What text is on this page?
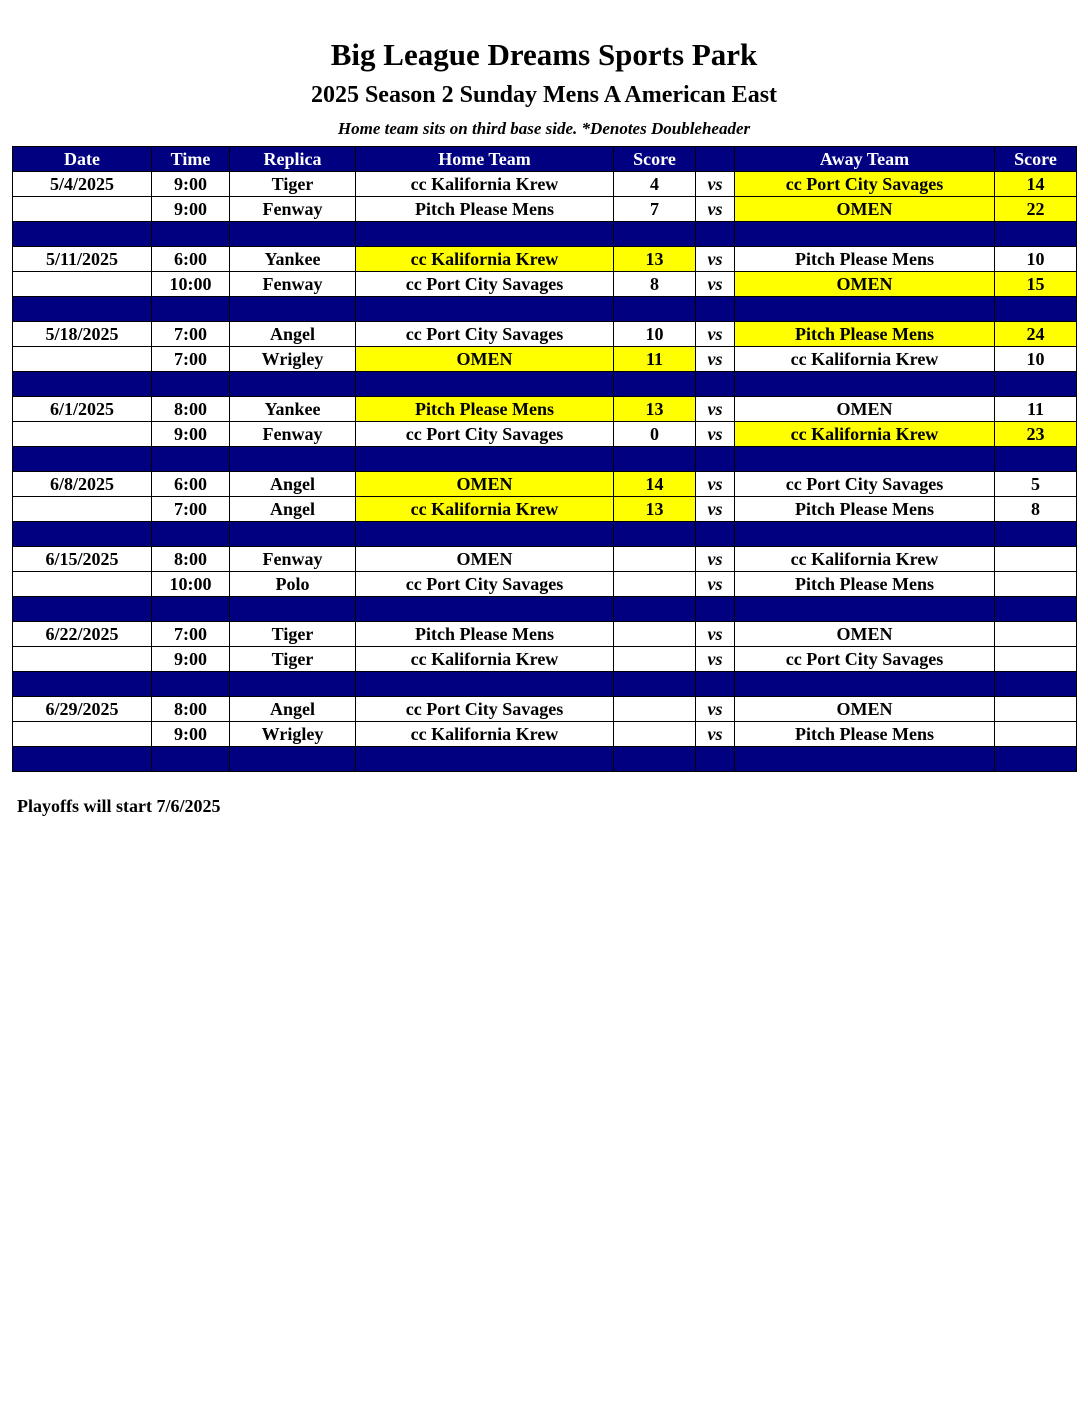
Big League Dreams Sports Park
2025 Season 2 Sunday Mens A American East
Home team sits on third base side. *Denotes Doubleheader
Date	Time	Replica	Home Team	Score		Away Team	Score
5/4/2025	9:00	Tiger	cc Kalifornia Krew	4	vs	cc Port City Savages	14
	9:00	Fenway	Pitch Please Mens	7	vs	OMEN	22

5/11/2025	6:00	Yankee	cc Kalifornia Krew	13	vs	Pitch Please Mens	10
	10:00	Fenway	cc Port City Savages	8	vs	OMEN	15

5/18/2025	7:00	Angel	cc Port City Savages	10	vs	Pitch Please Mens	24
	7:00	Wrigley	OMEN	11	vs	cc Kalifornia Krew	10

6/1/2025	8:00	Yankee	Pitch Please Mens	13	vs	OMEN	11
	9:00	Fenway	cc Port City Savages	0	vs	cc Kalifornia Krew	23

6/8/2025	6:00	Angel	OMEN	14	vs	cc Port City Savages	5
	7:00	Angel	cc Kalifornia Krew	13	vs	Pitch Please Mens	8

6/15/2025	8:00	Fenway	OMEN		vs	cc Kalifornia Krew	
	10:00	Polo	cc Port City Savages		vs	Pitch Please Mens	

6/22/2025	7:00	Tiger	Pitch Please Mens		vs	OMEN	
	9:00	Tiger	cc Kalifornia Krew		vs	cc Port City Savages	

6/29/2025	8:00	Angel	cc Port City Savages		vs	OMEN	
	9:00	Wrigley	cc Kalifornia Krew		vs	Pitch Please Mens	

Playoffs will start 7/6/2025
